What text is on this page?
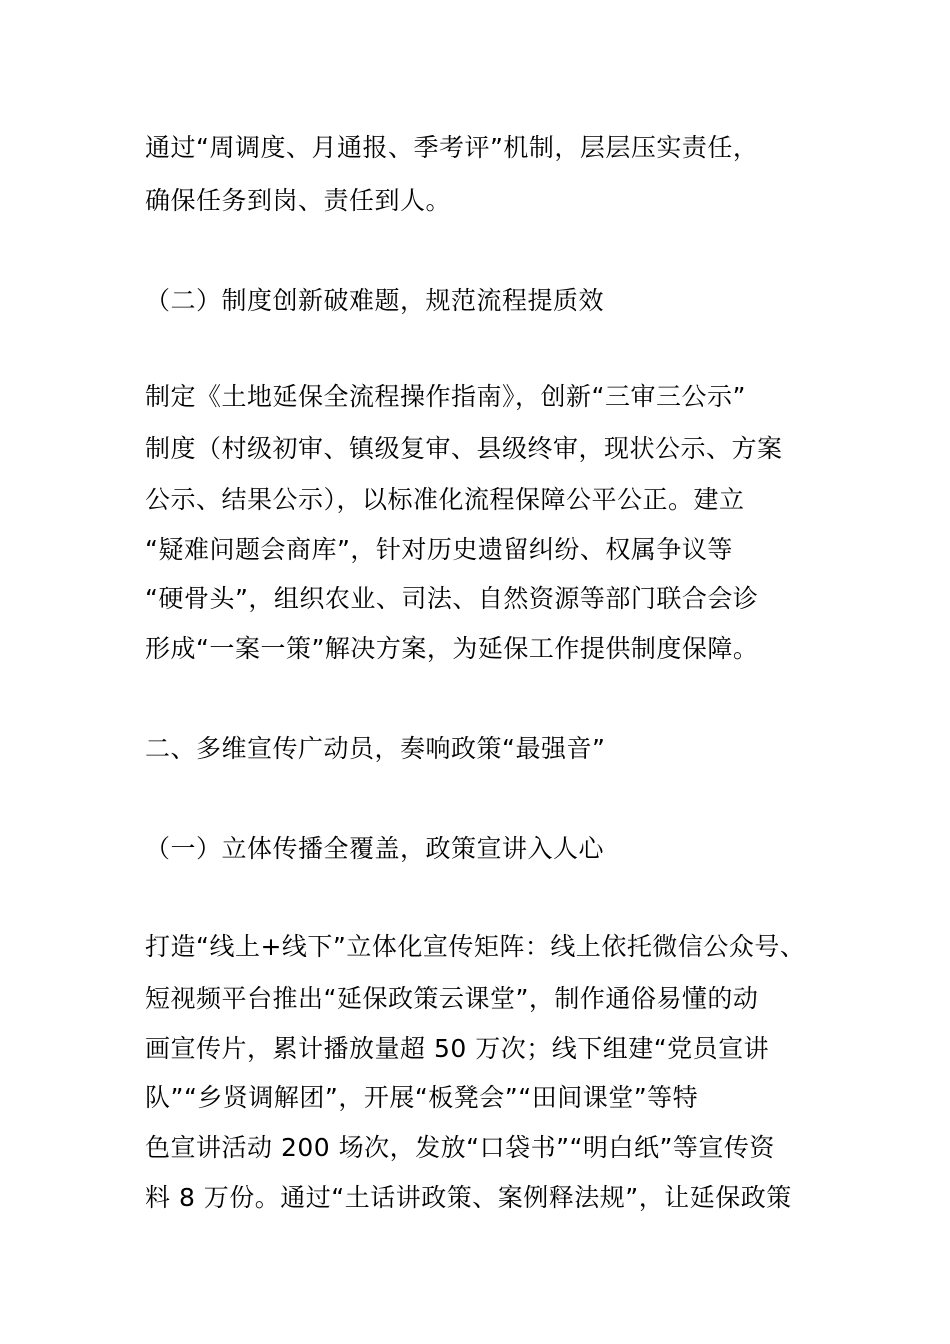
通过“周调度、月通报、季考评”机制，层层压实责任，
确保任务到岗、责任到人。
（二）制度创新破难题，规范流程提质效
制定《土地延保全流程操作指南》，创新“三审三公示”
制度（村级初审、镇级复审、县级终审，现状公示、方案
公示、结果公示），以标准化流程保障公平公正。建立
“疑难问题会商库”，针对历史遗留纠纷、权属争议等
“硬骨头”，组织农业、司法、自然资源等部门联合会诊
形成“一案一策”解决方案，为延保工作提供制度保障。
二、多维宣传广动员，奏响政策“最强音”
（一）立体传播全覆盖，政策宣讲入人心
打造“线上+线下”立体化宣传矩阵：线上依托微信公众号、
短视频平台推出“延保政策云课堂”，制作通俗易懂的动
画宣传片，累计播放量超 50 万次；线下组建“党员宣讲
队”“乡贤调解团”，开展“板凳会”“田间课堂”等特
色宣讲活动 200 场次，发放“口袋书”“明白纸”等宣传资
料 8 万份。通过“土话讲政策、案例释法规”，让延保政策
